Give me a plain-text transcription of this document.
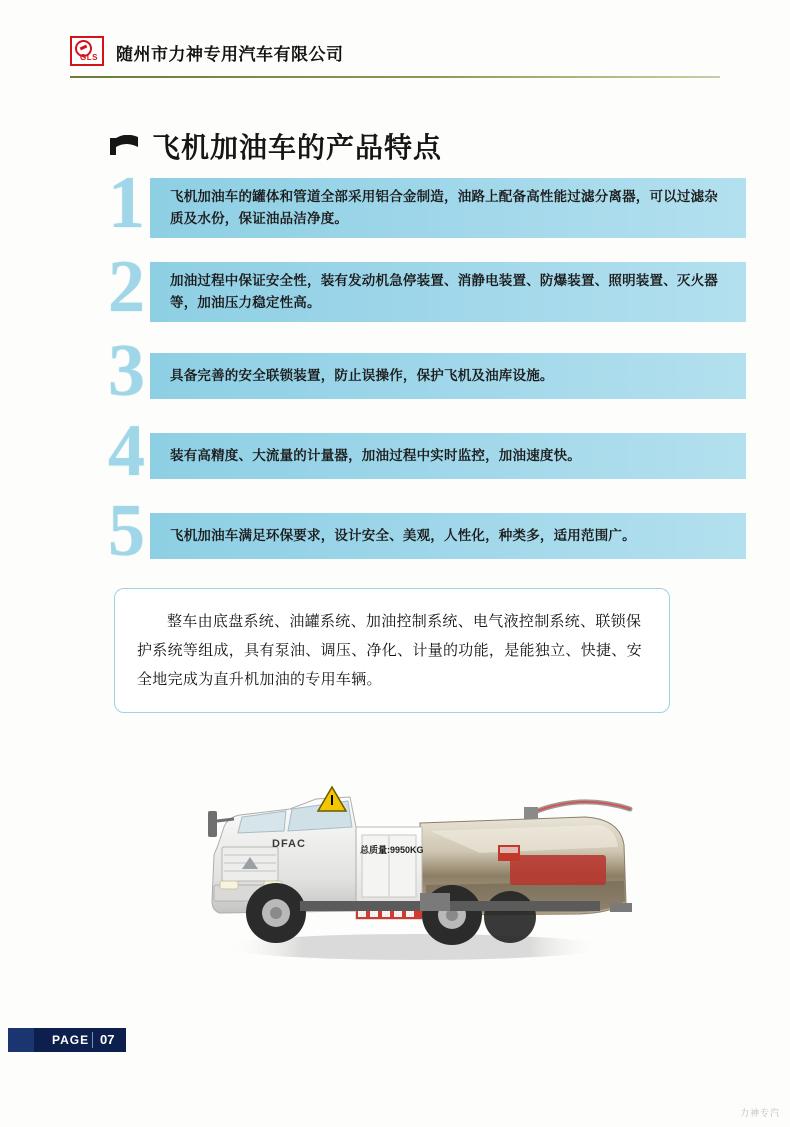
GLS	随州市力神专用汽车有限公司
飞机加油车的产品特点
1 飞机加油车的罐体和管道全部采用铝合金制造，油路上配备高性能过滤分离器，可以过滤杂质及水份，保证油品洁净度。
2 加油过程中保证安全性，装有发动机急停装置、消静电装置、防爆装置、照明装置、灭火器等，加油压力稳定性高。
3 具备完善的安全联锁装置，防止误操作，保护飞机及油库设施。
4 装有高精度、大流量的计量器，加油过程中实时监控，加油速度快。
5 飞机加油车满足环保要求，设计安全、美观，人性化，种类多，适用范围广。

整车由底盘系统、油罐系统、加油控制系统、电气液控制系统、联锁保护系统等组成，具有泵油、调压、净化、计量的功能，是能独立、快捷、安全地完成为直升机加油的专用车辆。

DFAC	总质量:9950KG
PAGE 07
力神专汽
